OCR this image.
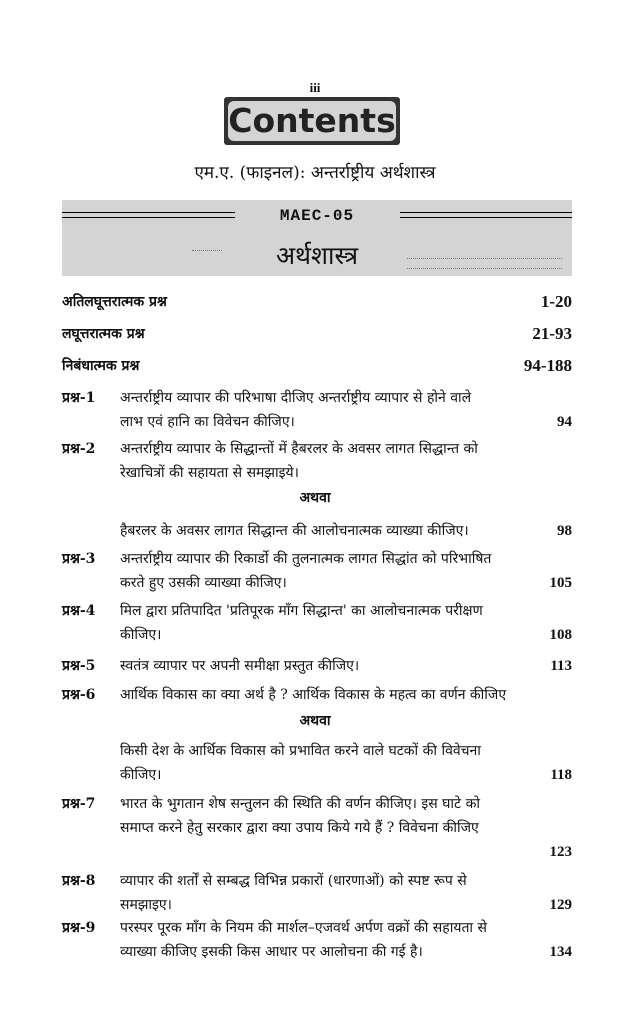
iii
Contents
एम.ए. (फाइनल): अन्तर्राष्ट्रीय अर्थशास्त्र
MAEC-05
अर्थशास्त्र
अतिलघूत्तरात्मक प्रश्न	1-20
लघूत्तरात्मक प्रश्न	21-93
निबंधात्मक प्रश्न	94-188
प्रश्न-1 अन्तर्राष्ट्रीय व्यापार की परिभाषा दीजिए अन्तर्राष्ट्रीय व्यापार से होने वाले
लाभ एवं हानि का विवेचन कीजिए।	94
प्रश्न-2 अन्तर्राष्ट्रीय व्यापार के सिद्धान्तों में हैबरलर के अवसर लागत सिद्धान्त को
रेखाचित्रों की सहायता से समझाइये।
हैबरलर के अवसर लागत सिद्धान्त की आलोचनात्मक व्याख्या कीजिए।	98
प्रश्न-3 अन्तर्राष्ट्रीय व्यापार की रिकार्डो की तुलनात्मक लागत सिद्धांत को परिभाषित
करते हुए उसकी व्याख्या कीजिए।	105
प्रश्न-4 मिल द्वारा प्रतिपादित 'प्रतिपूरक माँग सिद्धान्त' का आलोचनात्मक परीक्षण
कीजिए।	108
प्रश्न-5 स्वतंत्र व्यापार पर अपनी समीक्षा प्रस्तुत कीजिए।	113
प्रश्न-6 आर्थिक विकास का क्या अर्थ है ? आर्थिक विकास के महत्व का वर्णन कीजिए
किसी देश के आर्थिक विकास को प्रभावित करने वाले घटकों की विवेचना
कीजिए।	118
प्रश्न-7 भारत के भुगतान शेष सन्तुलन की स्थिति की वर्णन कीजिए। इस घाटे को
समाप्त करने हेतु सरकार द्वारा क्या उपाय किये गये हैं ? विवेचना कीजिए
123
प्रश्न-8 व्यापार की शर्तों से सम्बद्ध विभिन्न प्रकारों (धारणाओं) को स्पष्ट रूप से
समझाइए।	129
प्रश्न-9 परस्पर पूरक माँग के नियम की मार्शल–एजवर्थ अर्पण वक्रों की सहायता से
व्याख्या कीजिए इसकी किस आधार पर आलोचना की गई है।	134
अथवा
अथवा
